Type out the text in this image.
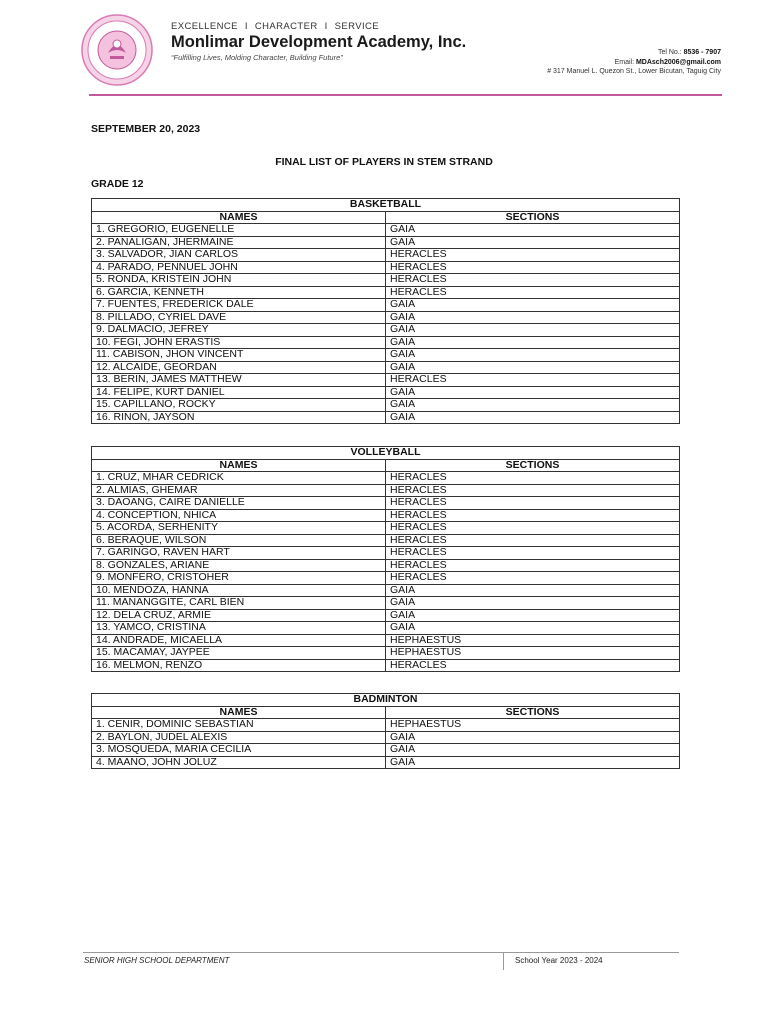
EXCELLENCE I CHARACTER I SERVICE
Monlimar Development Academy, Inc.
“Fulfilling Lives, Molding Character, Building Future”
Tel No.: 8536 - 7907
Email: MDAsch2006@gmail.com
# 317 Manuel L. Quezon St., Lower Bicutan, Taguig City
SEPTEMBER 20, 2023
FINAL LIST OF PLAYERS IN STEM STRAND
GRADE 12
BASKETBALL	
NAMES	SECTIONS
1. GREGORIO, EUGENELLE	GAIA
2. PANALIGAN, JHERMAINE	GAIA
3. SALVADOR, JIAN CARLOS	HERACLES
4. PARADO, PENNUEL JOHN	HERACLES
5. RONDA, KRISTEIN JOHN	HERACLES
6. GARCIA, KENNETH	HERACLES
7. FUENTES, FREDERICK DALE	GAIA
8. PILLADO, CYRIEL DAVE	GAIA
9. DALMACIO, JEFREY	GAIA
10. FEGI, JOHN ERASTIS	GAIA
11. CABISON, JHON VINCENT	GAIA
12. ALCAIDE, GEORDAN	GAIA
13. BERIN, JAMES MATTHEW	HERACLES
14. FELIPE, KURT DANIEL	GAIA
15. CAPILLANO, ROCKY	GAIA
16. RINON, JAYSON	GAIA
VOLLEYBALL	
NAMES	SECTIONS
1. CRUZ, MHAR CEDRICK	HERACLES
2. ALMIAS, GHEMAR	HERACLES
3. DAOANG, CAIRE DANIELLE	HERACLES
4. CONCEPTION, NHICA	HERACLES
5. ACORDA, SERHENITY	HERACLES
6. BERAQUE, WILSON	HERACLES
7. GARINGO, RAVEN HART	HERACLES
8. GONZALES, ARIANE	HERACLES
9. MONFERO, CRISTOHER	HERACLES
10. MENDOZA, HANNA	GAIA
11. MANANGGITE, CARL BIEN	GAIA
12. DELA CRUZ, ARMIE	GAIA
13. YAMCO, CRISTINA	GAIA
14. ANDRADE, MICAELLA	HEPHAESTUS
15. MACAMAY, JAYPEE	HEPHAESTUS
16. MELMON, RENZO	HERACLES
BADMINTON	
NAMES	SECTIONS
1. CENIR, DOMINIC SEBASTIAN	HEPHAESTUS
2. BAYLON, JUDEL ALEXIS	GAIA
3. MOSQUEDA, MARIA CECILIA	GAIA
4. MAANO, JOHN JOLUZ	GAIA
SENIOR HIGH SCHOOL DEPARTMENT	School Year 2023 - 2024
